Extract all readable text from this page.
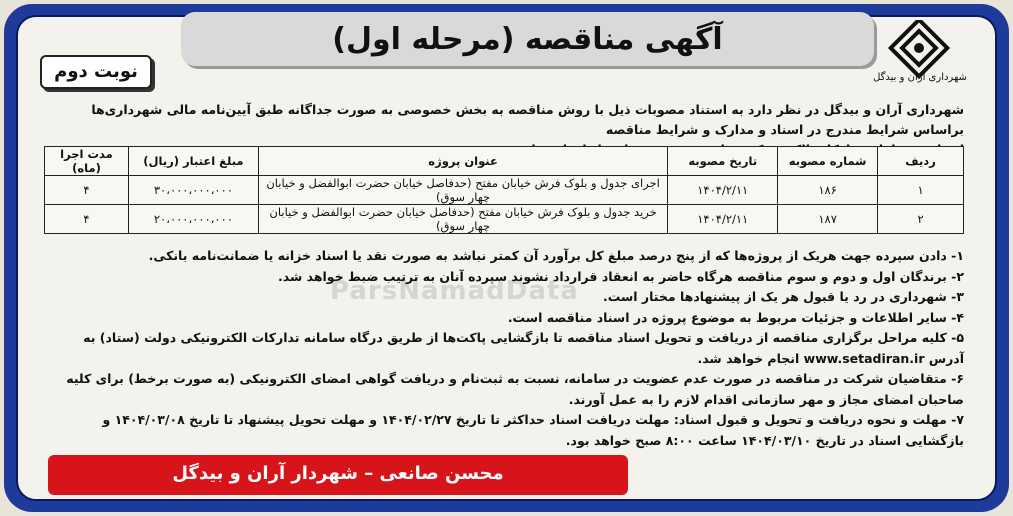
آگهی مناقصه (مرحله اول)
نوبت دوم	شهرداری آران و بیدگل
شهرداری آران و بیدگل در نظر دارد به استناد مصوبات ذیل با روش مناقصه به بخش خصوصی به صورت جداگانه طبق آیین‌نامه مالی شهرداری‌ها براساس شرایط مندرج در اسناد و مدارک و شرایط مناقصه
ردیف	شماره مصوبه	تاریخ مصوبه	عنوان پروژه	مبلغ اعتبار (ریال)	مدت اجرا (ماه)
۱	۱۸۶	۱۴۰۴/۲/۱۱	اجرای جدول و بلوک فرش خیابان مفتح (حدفاصل خیابان حضرت ابوالفضل و خیابان چهار سوق)	۳۰،۰۰۰،۰۰۰،۰۰۰	۴
۲	۱۸۷	۱۴۰۴/۲/۱۱	خرید جدول و بلوک فرش خیابان مفتح (حدفاصل خیابان حضرت ابوالفضل و خیابان چهار سوق)	۲۰،۰۰۰،۰۰۰،۰۰۰	۴
ParsNamadData

۱- دادن سپرده جهت هریک از پروژه‌ها که از پنج درصد مبلغ کل برآورد آن کمتر نباشد به صورت نقد یا اسناد خزانه یا ضمانت‌نامه بانکی.

۲- برندگان اول و دوم و سوم مناقصه هرگاه حاضر به انعقاد قرارداد نشوند سپرده آنان به ترتیب ضبط خواهد شد.

۳- شهرداری در رد یا قبول هر یک از پیشنهادها مختار است.

۴- سایر اطلاعات و جزئیات مربوط به موضوع پروژه در اسناد مناقصه است.

۵- کلیه مراحل برگزاری مناقصه از دریافت و تحویل اسناد مناقصه تا بازگشایی پاکت‌ها از طریق درگاه سامانه تدارکات الکترونیکی دولت (ستاد) به آدرس www.setadiran.ir انجام خواهد شد.

۶- متقاضیان شرکت در مناقصه در صورت عدم عضویت در سامانه، نسبت به ثبت‌نام و دریافت گواهی امضای الکترونیکی (به صورت برخط) برای کلیه صاحبان امضای مجاز و مهر سازمانی اقدام لازم را به عمل آورند.

۷- مهلت و نحوه دریافت و تحویل و قبول اسناد: مهلت دریافت اسناد حداکثر تا تاریخ ۱۴۰۴/۰۲/۲۷ و مهلت تحویل پیشنهاد تا تاریخ ۱۴۰۴/۰۳/۰۸ و بازگشایی اسناد در تاریخ ۱۴۰۴/۰۳/۱۰ ساعت ۸:۰۰ صبح خواهد بود.

محسن صانعی – شهردار آران و بیدگل
